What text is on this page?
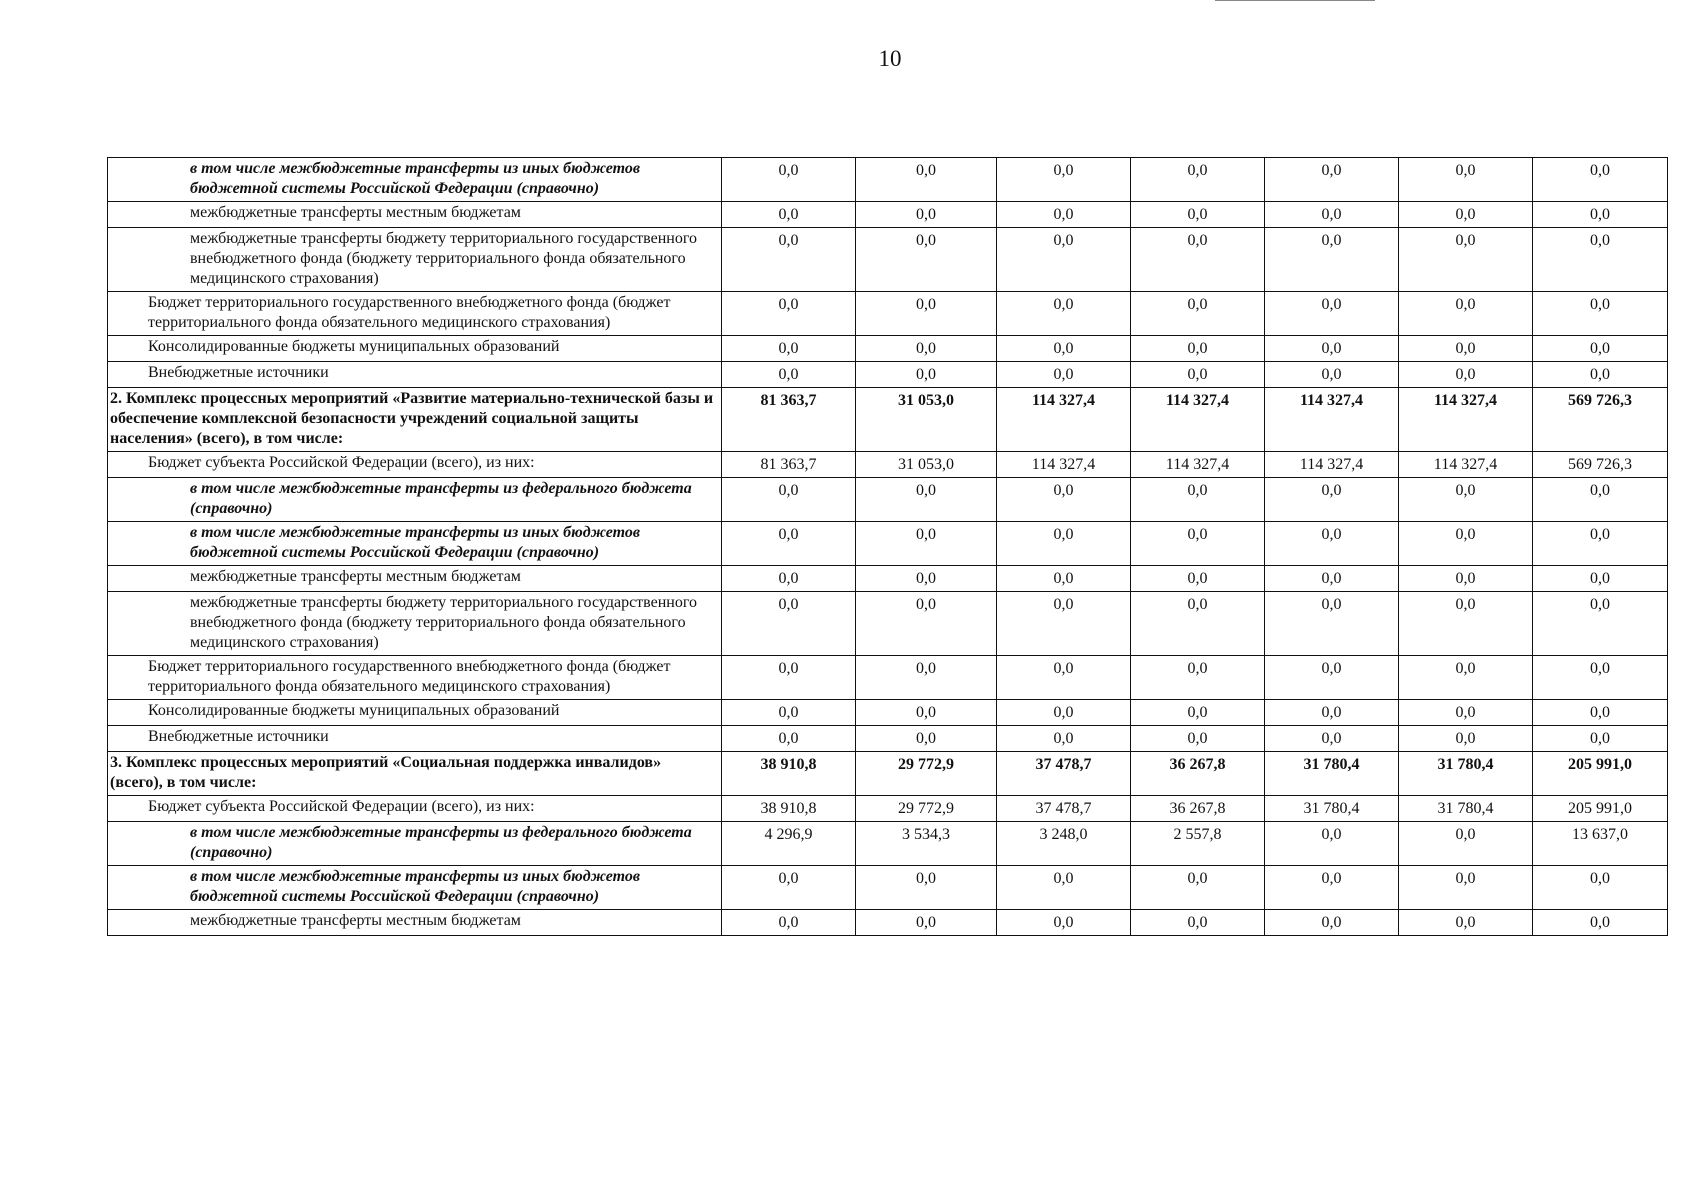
10
в том числе межбюджетные трансферты из иных бюджетов бюджетной системы Российской Федерации (справочно)	0,0	0,0	0,0	0,0	0,0	0,0	0,0
межбюджетные трансферты местным бюджетам	0,0	0,0	0,0	0,0	0,0	0,0	0,0
межбюджетные трансферты бюджету территориального государственного внебюджетного фонда (бюджету территориального фонда обязательного медицинского страхования)	0,0	0,0	0,0	0,0	0,0	0,0	0,0
Бюджет территориального государственного внебюджетного фонда (бюджет территориального фонда обязательного медицинского страхования)	0,0	0,0	0,0	0,0	0,0	0,0	0,0
Консолидированные бюджеты муниципальных образований	0,0	0,0	0,0	0,0	0,0	0,0	0,0
Внебюджетные источники	0,0	0,0	0,0	0,0	0,0	0,0	0,0
2. Комплекс процессных мероприятий «Развитие материально-технической базы и обеспечение комплексной безопасности учреждений социальной защиты населения» (всего), в том числе:	81 363,7	31 053,0	114 327,4	114 327,4	114 327,4	114 327,4	569 726,3
Бюджет субъекта Российской Федерации (всего), из них:	81 363,7	31 053,0	114 327,4	114 327,4	114 327,4	114 327,4	569 726,3
в том числе межбюджетные трансферты из федерального бюджета (справочно)	0,0	0,0	0,0	0,0	0,0	0,0	0,0
в том числе межбюджетные трансферты из иных бюджетов бюджетной системы Российской Федерации (справочно)	0,0	0,0	0,0	0,0	0,0	0,0	0,0
межбюджетные трансферты местным бюджетам	0,0	0,0	0,0	0,0	0,0	0,0	0,0
межбюджетные трансферты бюджету территориального государственного внебюджетного фонда (бюджету территориального фонда обязательного медицинского страхования)	0,0	0,0	0,0	0,0	0,0	0,0	0,0
Бюджет территориального государственного внебюджетного фонда (бюджет территориального фонда обязательного медицинского страхования)	0,0	0,0	0,0	0,0	0,0	0,0	0,0
Консолидированные бюджеты муниципальных образований	0,0	0,0	0,0	0,0	0,0	0,0	0,0
Внебюджетные источники	0,0	0,0	0,0	0,0	0,0	0,0	0,0
3. Комплекс процессных мероприятий «Социальная поддержка инвалидов» (всего), в том числе:	38 910,8	29 772,9	37 478,7	36 267,8	31 780,4	31 780,4	205 991,0
Бюджет субъекта Российской Федерации (всего), из них:	38 910,8	29 772,9	37 478,7	36 267,8	31 780,4	31 780,4	205 991,0
в том числе межбюджетные трансферты из федерального бюджета (справочно)	4 296,9	3 534,3	3 248,0	2 557,8	0,0	0,0	13 637,0
в том числе межбюджетные трансферты из иных бюджетов бюджетной системы Российской Федерации (справочно)	0,0	0,0	0,0	0,0	0,0	0,0	0,0
межбюджетные трансферты местным бюджетам	0,0	0,0	0,0	0,0	0,0	0,0	0,0
